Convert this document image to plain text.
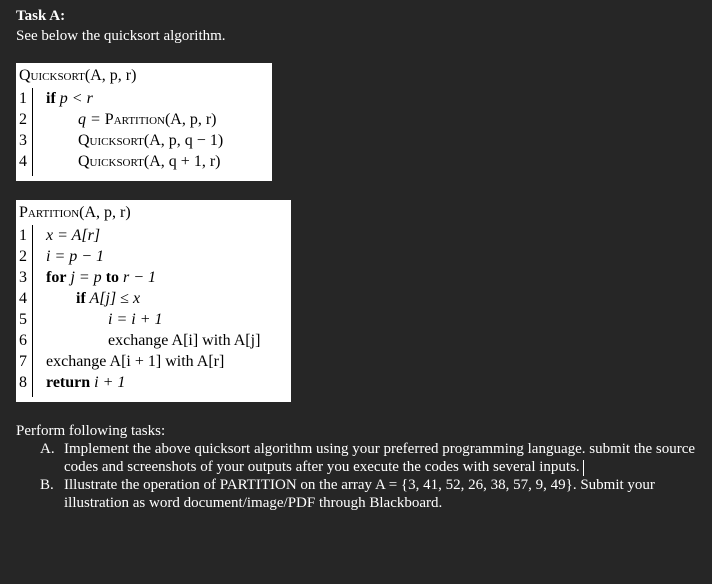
Task A:
See below the quicksort algorithm.
Quicksort(A, p, r)
1 if p < r
2	q = Partition(A, p, r)
3	Quicksort(A, p, q − 1)
4	Quicksort(A, q + 1, r)
Partition(A, p, r)
1 x = A[r]
2 i = p − 1
3 for j = p to r − 1
4	if A[j] ≤ x
5	i = i + 1
6	exchange A[i] with A[j]
7 exchange A[i + 1] with A[r]
8 return i + 1
Perform following tasks:
A. Implement the above quicksort algorithm using your preferred programming language. submit the source codes and screenshots of your outputs after you execute the codes with several inputs.
B. Illustrate the operation of PARTITION on the array A = {3, 41, 52, 26, 38, 57, 9, 49}. Submit your illustration as word document/image/PDF through Blackboard.
